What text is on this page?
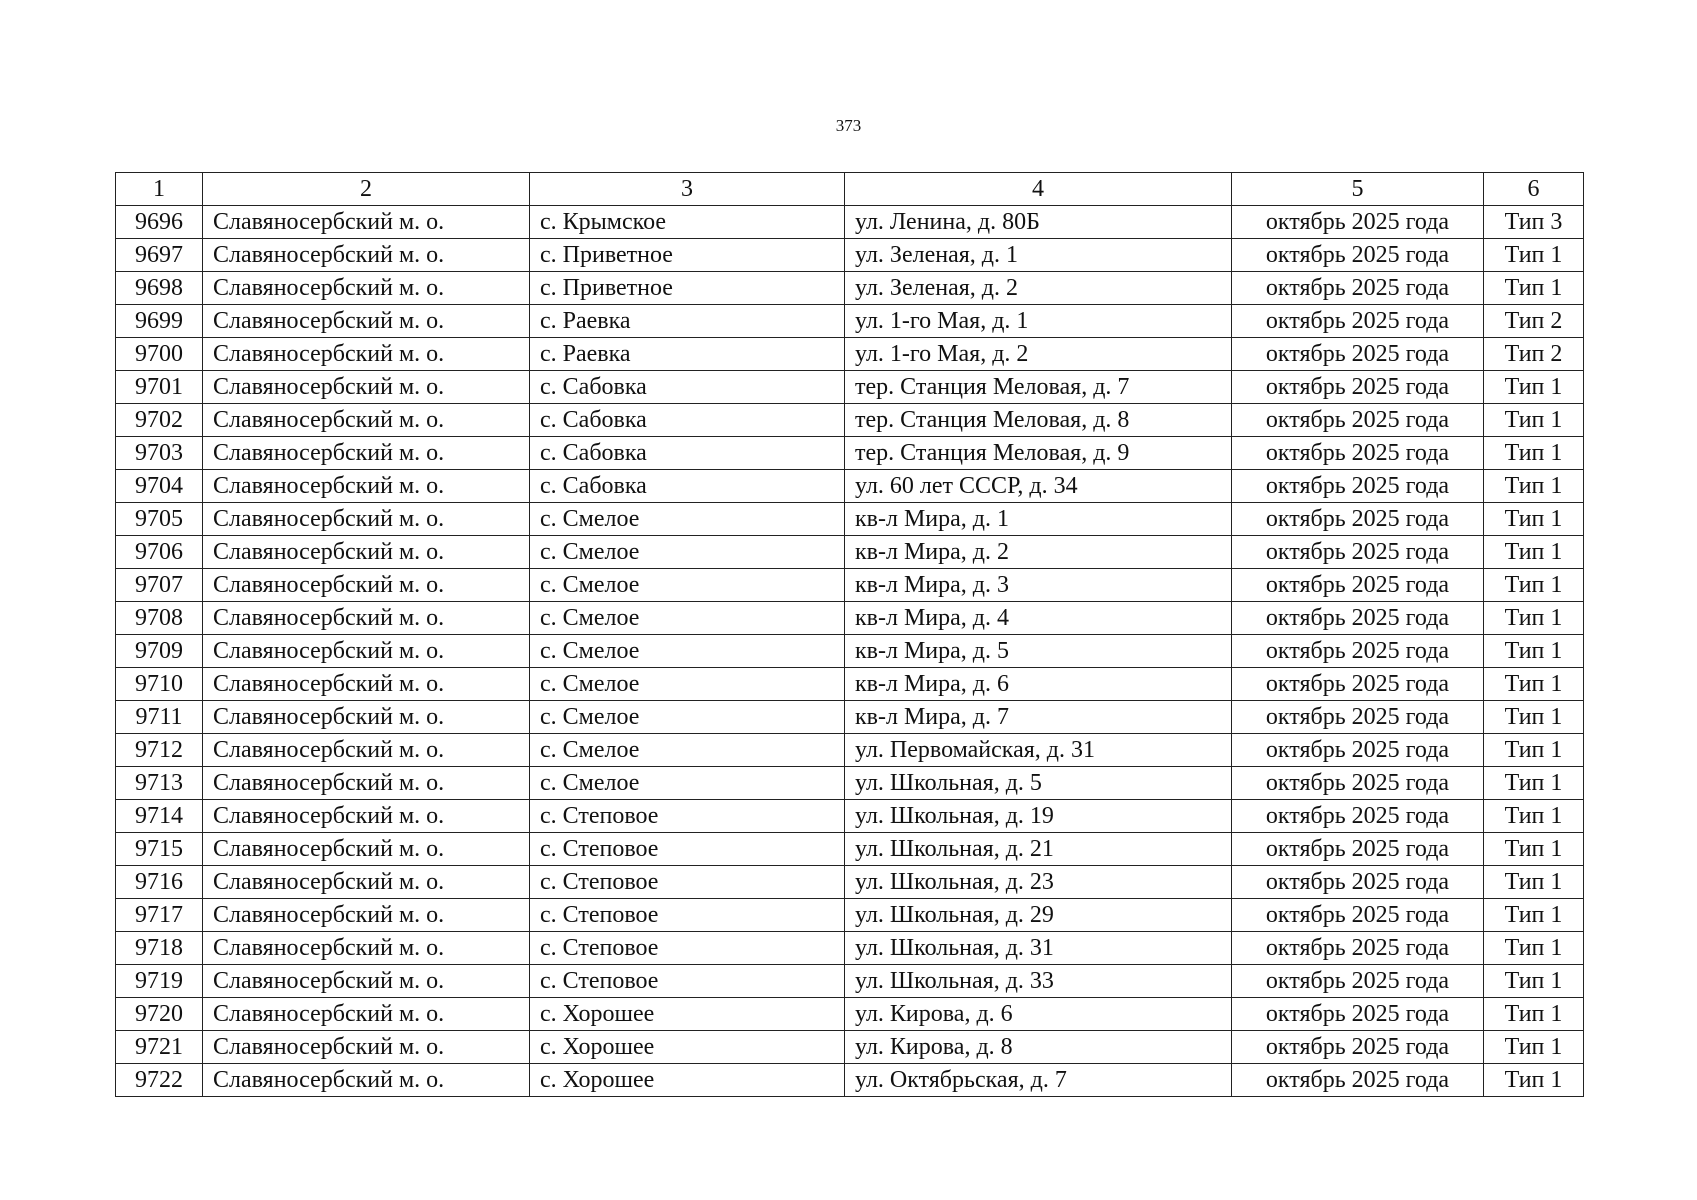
373
1	2	3	4	5	6
9696	Славяносербский м. о.	с. Крымское	ул. Ленина, д. 80Б	октябрь 2025 года	Тип 3
9697	Славяносербский м. о.	с. Приветное	ул. Зеленая, д. 1	октябрь 2025 года	Тип 1
9698	Славяносербский м. о.	с. Приветное	ул. Зеленая, д. 2	октябрь 2025 года	Тип 1
9699	Славяносербский м. о.	с. Раевка	ул. 1-го Мая, д. 1	октябрь 2025 года	Тип 2
9700	Славяносербский м. о.	с. Раевка	ул. 1-го Мая, д. 2	октябрь 2025 года	Тип 2
9701	Славяносербский м. о.	с. Сабовка	тер. Станция Меловая, д. 7	октябрь 2025 года	Тип 1
9702	Славяносербский м. о.	с. Сабовка	тер. Станция Меловая, д. 8	октябрь 2025 года	Тип 1
9703	Славяносербский м. о.	с. Сабовка	тер. Станция Меловая, д. 9	октябрь 2025 года	Тип 1
9704	Славяносербский м. о.	с. Сабовка	ул. 60 лет СССР, д. 34	октябрь 2025 года	Тип 1
9705	Славяносербский м. о.	с. Смелое	кв-л Мира, д. 1	октябрь 2025 года	Тип 1
9706	Славяносербский м. о.	с. Смелое	кв-л Мира, д. 2	октябрь 2025 года	Тип 1
9707	Славяносербский м. о.	с. Смелое	кв-л Мира, д. 3	октябрь 2025 года	Тип 1
9708	Славяносербский м. о.	с. Смелое	кв-л Мира, д. 4	октябрь 2025 года	Тип 1
9709	Славяносербский м. о.	с. Смелое	кв-л Мира, д. 5	октябрь 2025 года	Тип 1
9710	Славяносербский м. о.	с. Смелое	кв-л Мира, д. 6	октябрь 2025 года	Тип 1
9711	Славяносербский м. о.	с. Смелое	кв-л Мира, д. 7	октябрь 2025 года	Тип 1
9712	Славяносербский м. о.	с. Смелое	ул. Первомайская, д. 31	октябрь 2025 года	Тип 1
9713	Славяносербский м. о.	с. Смелое	ул. Школьная, д. 5	октябрь 2025 года	Тип 1
9714	Славяносербский м. о.	с. Степовое	ул. Школьная, д. 19	октябрь 2025 года	Тип 1
9715	Славяносербский м. о.	с. Степовое	ул. Школьная, д. 21	октябрь 2025 года	Тип 1
9716	Славяносербский м. о.	с. Степовое	ул. Школьная, д. 23	октябрь 2025 года	Тип 1
9717	Славяносербский м. о.	с. Степовое	ул. Школьная, д. 29	октябрь 2025 года	Тип 1
9718	Славяносербский м. о.	с. Степовое	ул. Школьная, д. 31	октябрь 2025 года	Тип 1
9719	Славяносербский м. о.	с. Степовое	ул. Школьная, д. 33	октябрь 2025 года	Тип 1
9720	Славяносербский м. о.	с. Хорошее	ул. Кирова, д. 6	октябрь 2025 года	Тип 1
9721	Славяносербский м. о.	с. Хорошее	ул. Кирова, д. 8	октябрь 2025 года	Тип 1
9722	Славяносербский м. о.	с. Хорошее	ул. Октябрьская, д. 7	октябрь 2025 года	Тип 1
